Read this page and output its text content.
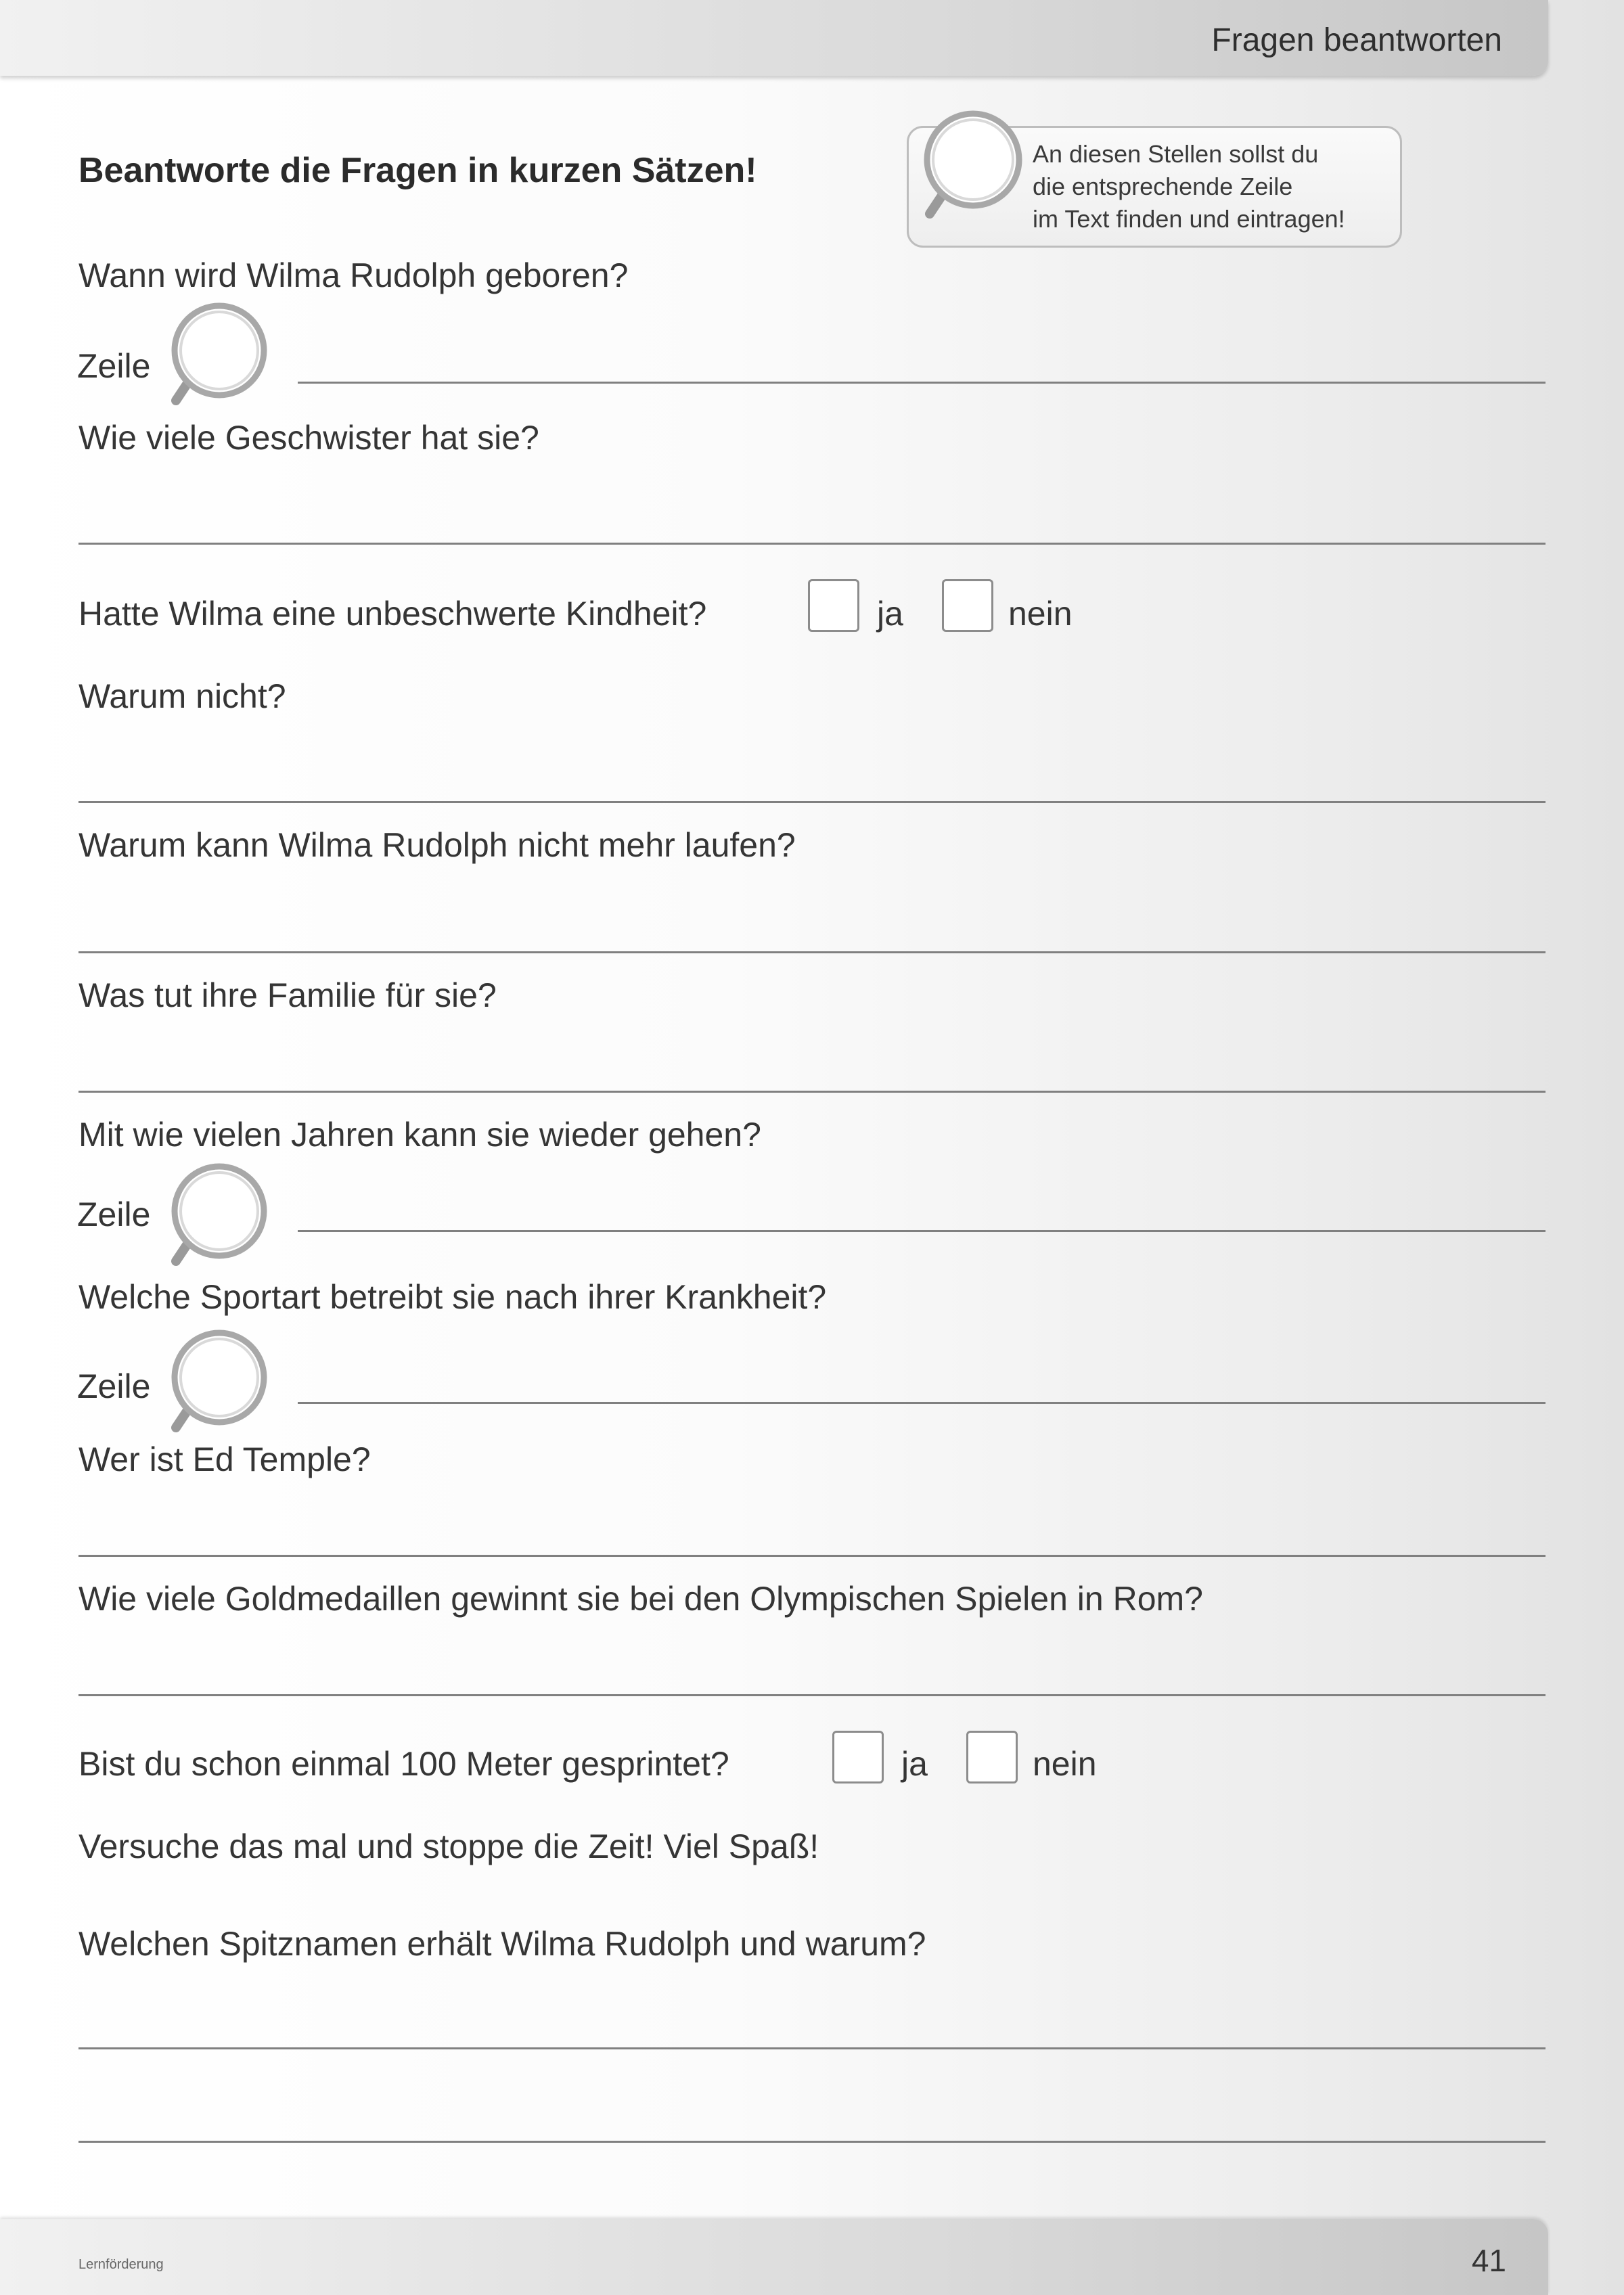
Fragen beantworten
Beantworte die Fragen in kurzen Sätzen!	An diesen Stellen sollst du
die entsprechende Zeile
im Text finden und eintragen!
Wann wird Wilma Rudolph geboren?
Zeile
Wie viele Geschwister hat sie?
Hatte Wilma eine unbeschwerte Kindheit?	ja	nein
Warum nicht?
Warum kann Wilma Rudolph nicht mehr laufen?
Was tut ihre Familie für sie?
Mit wie vielen Jahren kann sie wieder gehen?
Zeile
Welche Sportart betreibt sie nach ihrer Krankheit?
Zeile
Wer ist Ed Temple?
Wie viele Goldmedaillen gewinnt sie bei den Olympischen Spielen in Rom?
Bist du schon einmal 100 Meter gesprintet?	ja	nein
Versuche das mal und stoppe die Zeit! Viel Spaß!
Welchen Spitznamen erhält Wilma Rudolph und warum?
Lernförderung	41
